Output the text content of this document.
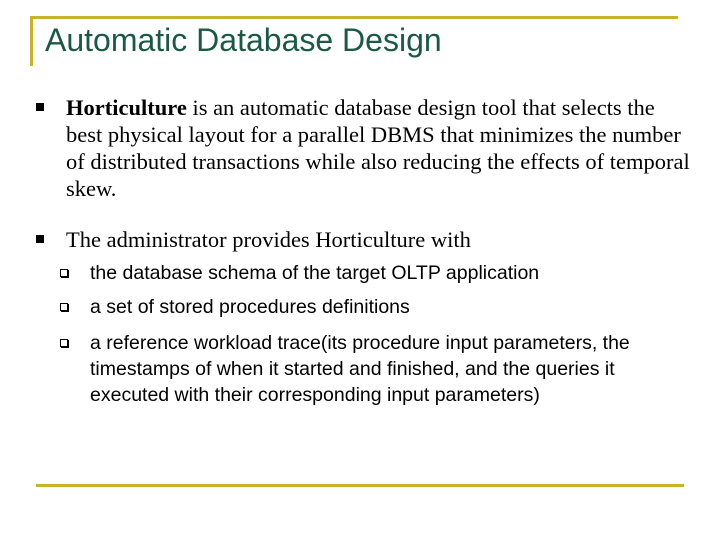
Automatic Database Design
Horticulture is an automatic database design tool that selects the best physical layout for a parallel DBMS that minimizes the number of distributed transactions while also reducing the effects of temporal skew.
The administrator provides Horticulture with
the database schema of the target OLTP application
a set of stored procedures definitions
a reference workload trace(its procedure input parameters, the timestamps of when it started and finished, and the queries it executed with their corresponding input parameters)
